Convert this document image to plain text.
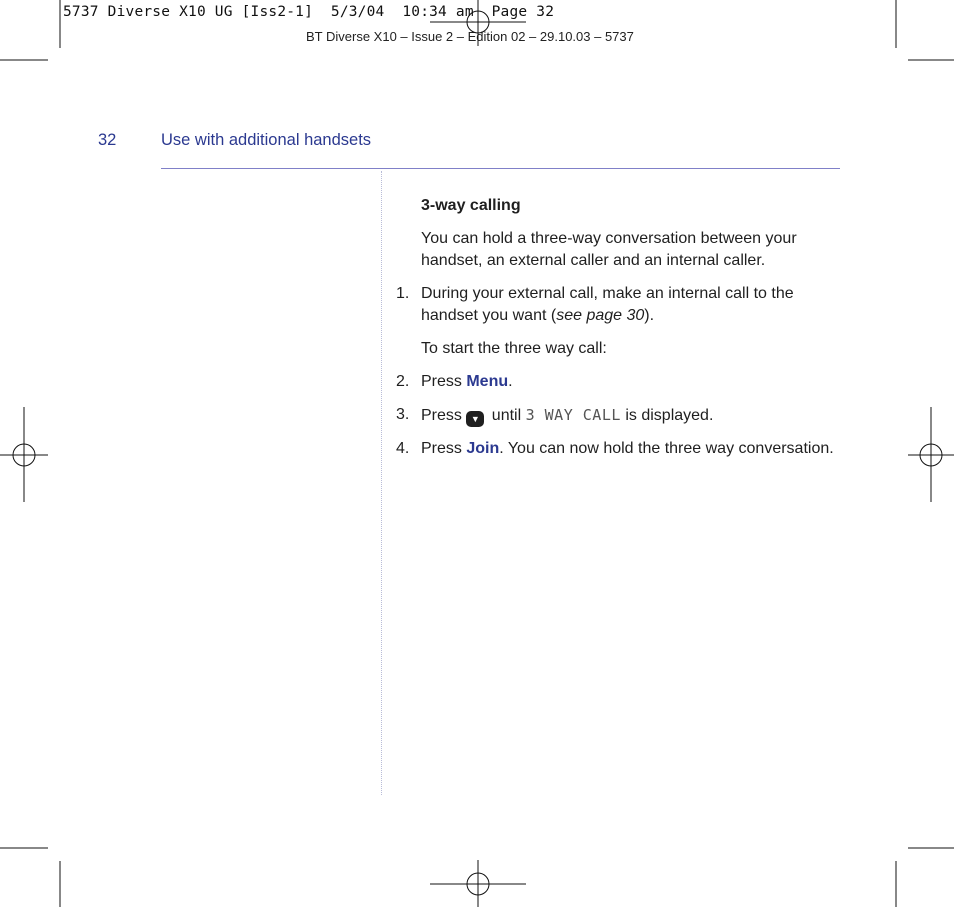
5737 Diverse X10 UG [Iss2-1]  5/3/04  10:34 am  Page 32
BT Diverse X10 – Issue 2 – Edition 02 – 29.10.03 – 5737
32	Use with additional handsets

3-way calling

You can hold a three-way conversation between your handset, an external caller and an internal caller.

1. During your external call, make an internal call to the handset you want (see page 30).

To start the three way call:

2. Press Menu.
3. Press ▼ until 3 WAY CALL is displayed.
4. Press Join. You can now hold the three way conversation.
